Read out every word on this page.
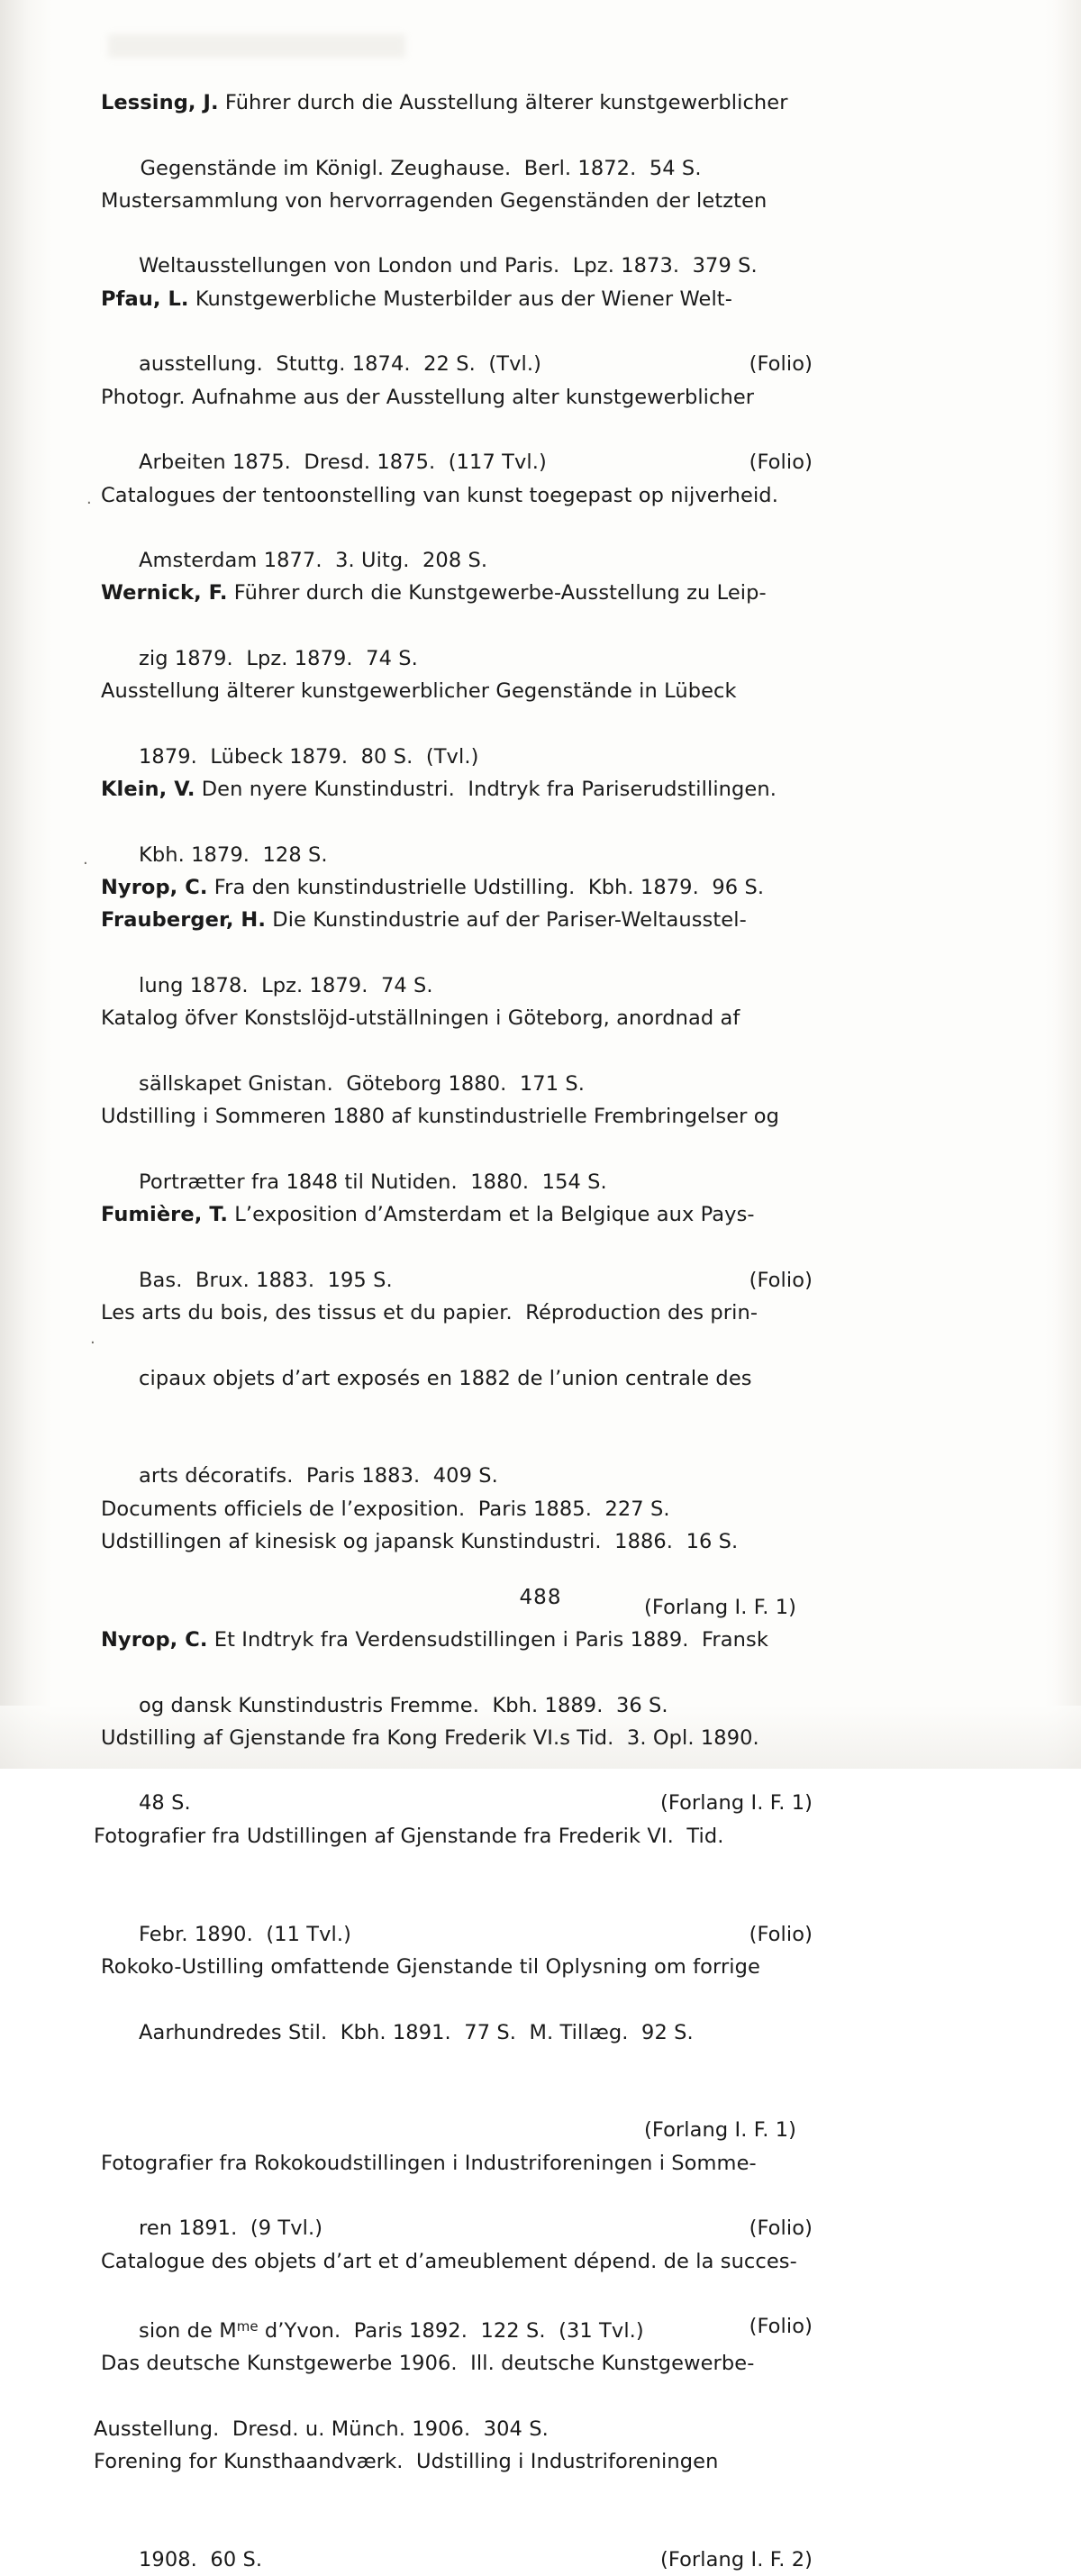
·
·
·

Lessing, J. Führer durch die Ausstellung älterer kunstgewerblicher

Gegenstände im Königl. Zeughause.  Berl. 1872.  54 S.

Mustersammlung von hervorragenden Gegenständen der letzten

Weltausstellungen von London und Paris.  Lpz. 1873.  379 S.

Pfau, L. Kunstgewerbliche Musterbilder aus der Wiener Welt-

ausstellung.  Stuttg. 1874.  22 S.  (Tvl.)	(Folio)

Photogr. Aufnahme aus der Ausstellung alter kunstgewerblicher

Arbeiten 1875.  Dresd. 1875.  (117 Tvl.)	(Folio)

Catalogues der tentoonstelling van kunst toegepast op nijverheid.

Amsterdam 1877.  3. Uitg.  208 S.

Wernick, F. Führer durch die Kunstgewerbe-Ausstellung zu Leip-

zig 1879.  Lpz. 1879.  74 S.

Ausstellung älterer kunstgewerblicher Gegenstände in Lübeck

1879.  Lübeck 1879.  80 S.  (Tvl.)

Klein, V. Den nyere Kunstindustri.  Indtryk fra Pariserudstillingen.

Kbh. 1879.  128 S.

Nyrop, C. Fra den kunstindustrielle Udstilling.  Kbh. 1879.  96 S.

Frauberger, H. Die Kunstindustrie auf der Pariser-Weltausstel-

lung 1878.  Lpz. 1879.  74 S.

Katalog öfver Konstslöjd-utställningen i Göteborg, anordnad af

sällskapet Gnistan.  Göteborg 1880.  171 S.

Udstilling i Sommeren 1880 af kunstindustrielle Frembringelser og

Portrætter fra 1848 til Nutiden.  1880.  154 S.

Fumière, T. L’exposition d’Amsterdam et la Belgique aux Pays-

Bas.  Brux. 1883.  195 S.	(Folio)

Les arts du bois, des tissus et du papier.  Réproduction des prin-

cipaux objets d’art exposés en 1882 de l’union centrale des

arts décoratifs.  Paris 1883.  409 S.

Documents officiels de l’exposition.  Paris 1885.  227 S.

Udstillingen af kinesisk og japansk Kunstindustri.  1886.  16 S.

(Forlang I. F. 1)

Nyrop, C. Et Indtryk fra Verdensudstillingen i Paris 1889.  Fransk

og dansk Kunstindustris Fremme.  Kbh. 1889.  36 S.

Udstilling af Gjenstande fra Kong Frederik VI.s Tid.  3. Opl. 1890.

48 S.	(Forlang I. F. 1)

Fotografier fra Udstillingen af Gjenstande fra Frederik VI.  Tid.

Febr. 1890.  (11 Tvl.)	(Folio)

Rokoko-Ustilling omfattende Gjenstande til Oplysning om forrige

Aarhundredes Stil.  Kbh. 1891.  77 S.  M. Tillæg.  92 S.

(Forlang I. F. 1)

Fotografier fra Rokokoudstillingen i Industriforeningen i Somme-

ren 1891.  (9 Tvl.)	(Folio)

Catalogue des objets d’art et d’ameublement dépend. de la succes-

sion de $M^{me}$ d’Yvon.  Paris 1892.  122 S.  (31 Tvl.)	(Folio)

Das deutsche Kunstgewerbe 1906.  Ill. deutsche Kunstgewerbe-

Ausstellung.  Dresd. u. Münch. 1906.  304 S.

Forening for Kunsthaandværk.  Udstilling i Industriforeningen

1908.  60 S.	(Forlang I. F. 2)

488
